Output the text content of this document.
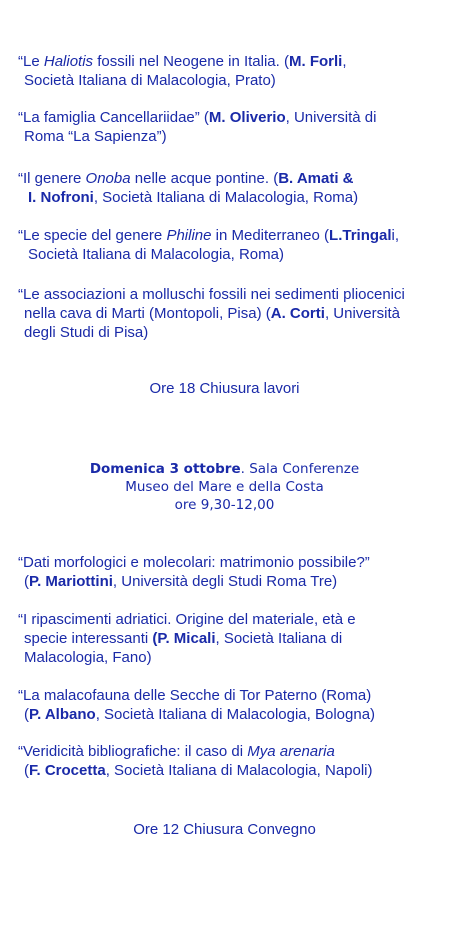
“Le Haliotis fossili nel Neogene in Italia. (M. Forli,
Società Italiana di Malacologia, Prato)
“La famiglia Cancellariidae” (M. Oliverio, Università di
Roma “La Sapienza”)
“Il genere Onoba nelle acque pontine. (B. Amati &
I. Nofroni, Società Italiana di Malacologia, Roma)
“Le specie del genere Philine in Mediterraneo (L.Tringali,
Società Italiana di Malacologia, Roma)
“Le associazioni a molluschi fossili nei sedimenti pliocenici
nella cava di Marti (Montopoli, Pisa) (A. Corti, Università
degli Studi di Pisa)
Ore 18 Chiusura lavori
Domenica 3 ottobre. Sala Conferenze
Museo del Mare e della Costa
ore 9,30-12,00
“Dati morfologici e molecolari: matrimonio possibile?”
(P. Mariottini, Università degli Studi Roma Tre)
“I ripascimenti adriatici. Origine del materiale, età e
specie interessanti (P. Micali, Società Italiana di
Malacologia, Fano)
“La malacofauna delle Secche di Tor Paterno (Roma)
(P. Albano, Società Italiana di Malacologia, Bologna)
“Veridicità bibliografiche: il caso di Mya arenaria
(F. Crocetta, Società Italiana di Malacologia, Napoli)
Ore 12 Chiusura Convegno
